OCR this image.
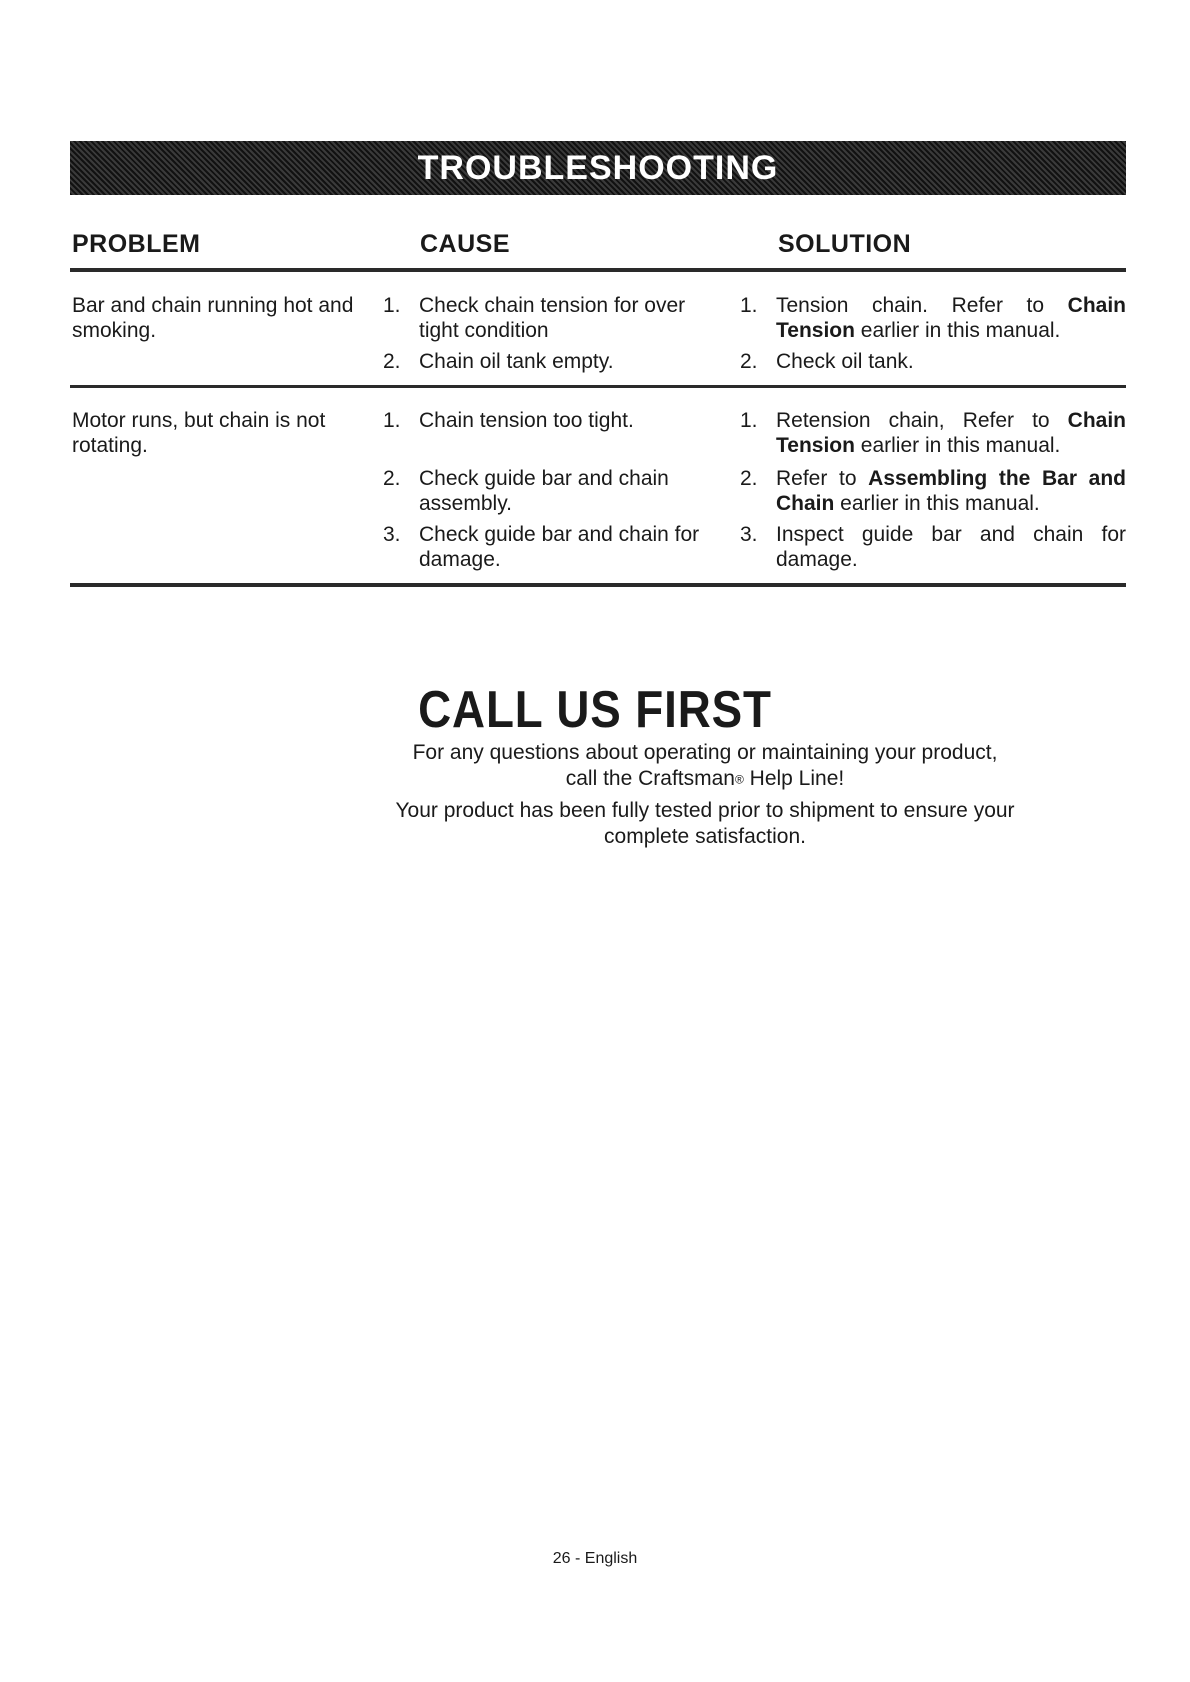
TROUBLESHOOTING
PROBLEM	CAUSE	SOLUTION
Bar and chain running hot and smoking.
1. Check chain tension for over tight condition
2. Chain oil tank empty.
1. Tension chain. Refer to Chain Tension earlier in this manual.
2. Check oil tank.
Motor runs, but chain is not rotating.
1. Chain tension too tight.
2. Check guide bar and chain assembly.
3. Check guide bar and chain for damage.
1. Retension chain, Refer to Chain Tension earlier in this manual.
2. Refer to Assembling the Bar and Chain earlier in this manual.
3. Inspect guide bar and chain for damage.
CALL US FIRST
For any questions about operating or maintaining your product,
call the Craftsman® Help Line!
Your product has been fully tested prior to shipment to ensure your complete satisfaction.
26 - English
